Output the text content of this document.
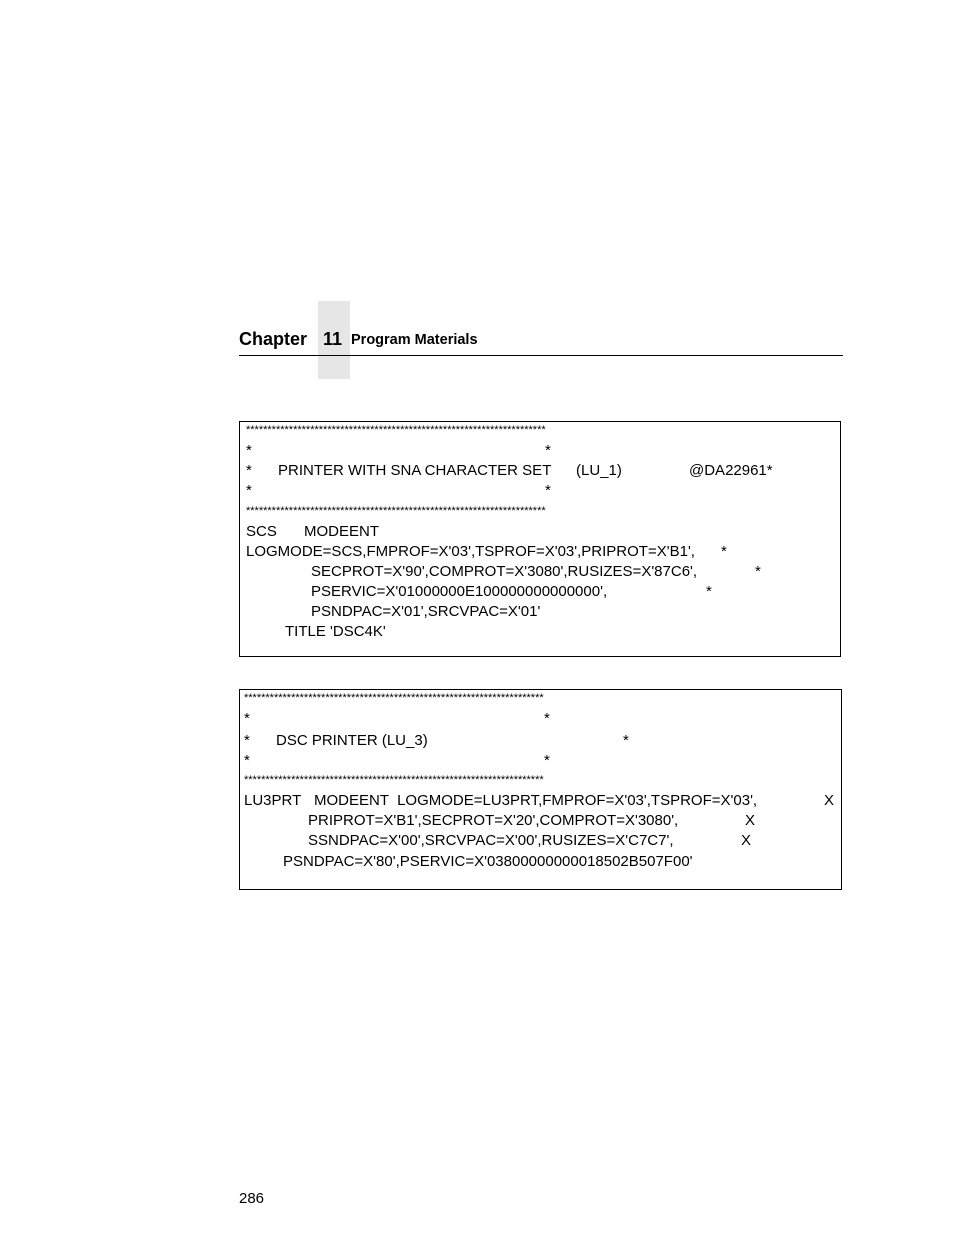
Chapter 11 Program Materials
**********************************************************************
*	*
* PRINTER WITH SNA CHARACTER SET (LU_1)	@DA22961*
*	*
**********************************************************************
SCS MODEENT
LOGMODE=SCS,FMPROF=X'03',TSPROF=X'03',PRIPROT=X'B1', *
SECPROT=X'90',COMPROT=X'3080',RUSIZES=X'87C6',	*
PSERVIC=X'01000000E100000000000000',	*
PSNDPAC=X'01',SRCVPAC=X'01'
TITLE 'DSC4K'
**********************************************************************
*	*
* DSC PRINTER (LU_3)	*
*	*
**********************************************************************
LU3PRT MODEENT  LOGMODE=LU3PRT,FMPROF=X'03',TSPROF=X'03',	X
PRIPROT=X'B1',SECPROT=X'20',COMPROT=X'3080',	X
SSNDPAC=X'00',SRCVPAC=X'00',RUSIZES=X'C7C7',	X
PSNDPAC=X'80',PSERVIC=X'03800000000018502B507F00'
286
